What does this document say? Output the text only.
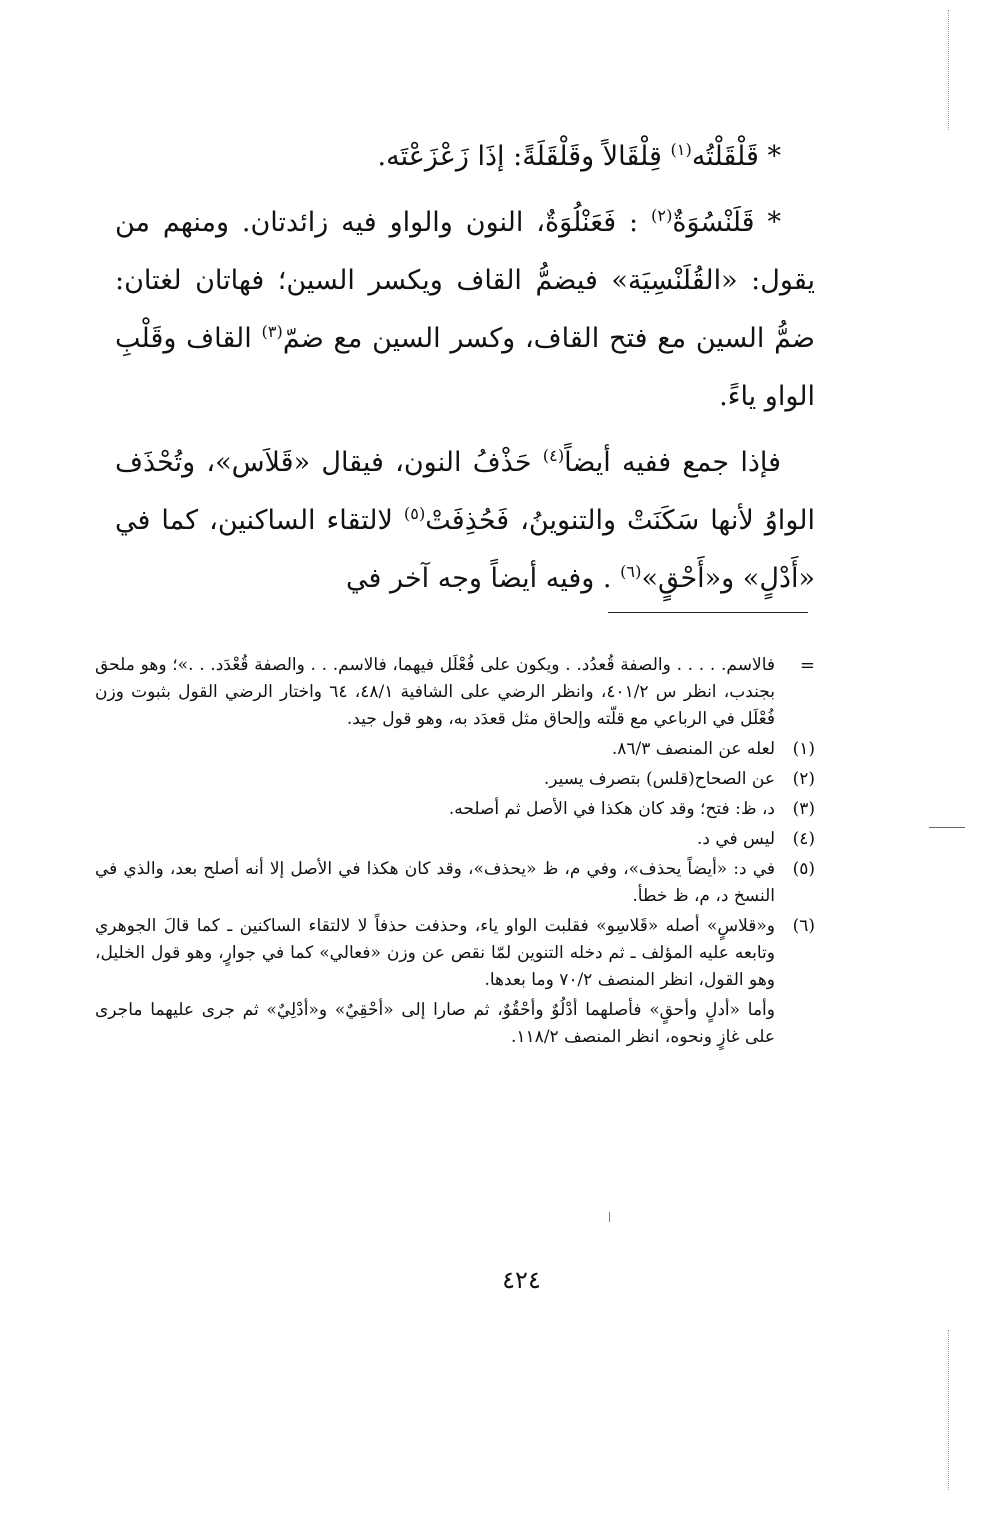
* قَلْقَلْتُه$^{(١)}$ قِلْقَالاً وقَلْقَلَةً: إذَا زَعْزَعْتَه.

* قَلَنْسُوَةٌ$^{(٢)}$ : فَعَنْلُوَةٌ، النون والواو فيه زائدتان. ومنهم من يقول: «القُلَنْسِيَة» فيضمُّ القاف ويكسر السين؛ فهاتان لغتان: ضمُّ السين مع فتح القاف، وكسر السين مع ضمّ$^{(٣)}$ القاف وقَلْبِ الواو ياءً.

فإذا جمع ففيه أيضاً$^{(٤)}$ حَذْفُ النون، فيقال «قَلاَس»، وتُحْذَف الواوُ لأنها سَكَنَتْ والتنوينُ، فَحُذِفَتْ$^{(٥)}$ لالتقاء الساكنين، كما في «أَدْلٍ» و«أَحْقٍ»$^{(٦)}$ . وفيه أيضاً وجه آخر في

=
فالاسم. . . . . والصفة قُعدُد. . ويكون على فُعْلَل فيهما، فالاسم. . . والصفة قُعْدَد. . .»؛ وهو ملحق بجندب، انظر س ٤٠١/٢، وانظر الرضي على الشافية ٤٨/١، ٦٤ واختار الرضي القول بثبوت وزن فُعْلَل في الرباعي مع قلّته وإلحاق مثل قعدَد به، وهو قول جيد.
(١)
لعله عن المنصف ٨٦/٣.
(٢)
عن الصحاح(قلس) بتصرف يسير.
(٣)
د، ظ: فتح؛ وقد كان هكذا في الأصل ثم أصلحه.
(٤)
ليس في د.
(٥)
في د: «أيضاً يحذف»، وفي م، ظ «يحذف»، وقد كان هكذا في الأصل إلا أنه أصلح بعد، والذي في النسخ د، م، ظ خطأ.
(٦)
و«قلاسٍ» أصله «قَلاسِو» فقلبت الواو ياء، وحذفت حذفاً لا لالتقاء الساكنين ـ كما قالَ الجوهري وتابعه عليه المؤلف ـ ثم دخله التنوين لمّا نقص عن وزن «فعالي» كما في جوارٍ، وهو قول الخليل، وهو القول، انظر المنصف ٧٠/٢ وما بعدها.
وأما «أدلٍ وأحقٍ» فأصلهما أدْلُوٌ وأحْقُوٌ، ثم صارا إلى «أحْقِيٌ» و«أدْلِيٌ» ثم جرى عليهما ماجرى على غازٍ ونحوه، انظر المنصف ١١٨/٢.
٤٢٤
